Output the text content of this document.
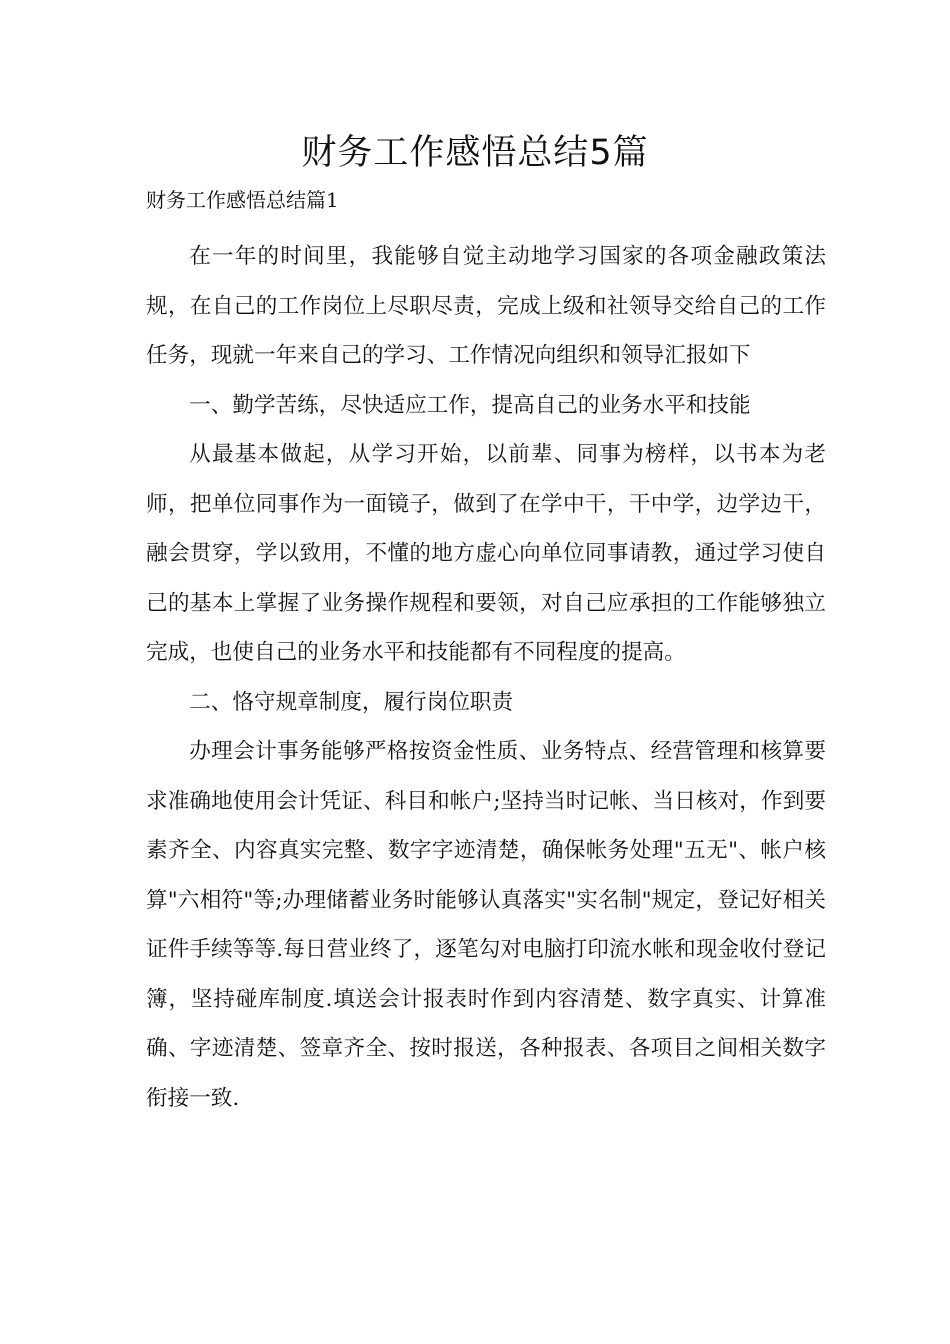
财务工作感悟总结5篇
财务工作感悟总结篇1

在一年的时间里，我能够自觉主动地学习国家的各项金融政策法规，在自己的工作岗位上尽职尽责，完成上级和社领导交给自己的工作任务，现就一年来自己的学习、工作情况向组织和领导汇报如下

一、勤学苦练，尽快适应工作，提高自己的业务水平和技能

从最基本做起，从学习开始，以前辈、同事为榜样，以书本为老师，把单位同事作为一面镜子，做到了在学中干，干中学，边学边干，融会贯穿，学以致用，不懂的地方虚心向单位同事请教，通过学习使自己的基本上掌握了业务操作规程和要领，对自己应承担的工作能够独立完成，也使自己的业务水平和技能都有不同程度的提高。

二、恪守规章制度，履行岗位职责

办理会计事务能够严格按资金性质、业务特点、经营管理和核算要求准确地使用会计凭证、科目和帐户;坚持当时记帐、当日核对，作到要素齐全、内容真实完整、数字字迹清楚，确保帐务处理"五无"、帐户核算"六相符"等;办理储蓄业务时能够认真落实"实名制"规定，登记好相关证件手续等等.每日营业终了，逐笔勾对电脑打印流水帐和现金收付登记簿，坚持碰库制度.填送会计报表时作到内容清楚、数字真实、计算准确、字迹清楚、签章齐全、按时报送，各种报表、各项目之间相关数字衔接一致.
